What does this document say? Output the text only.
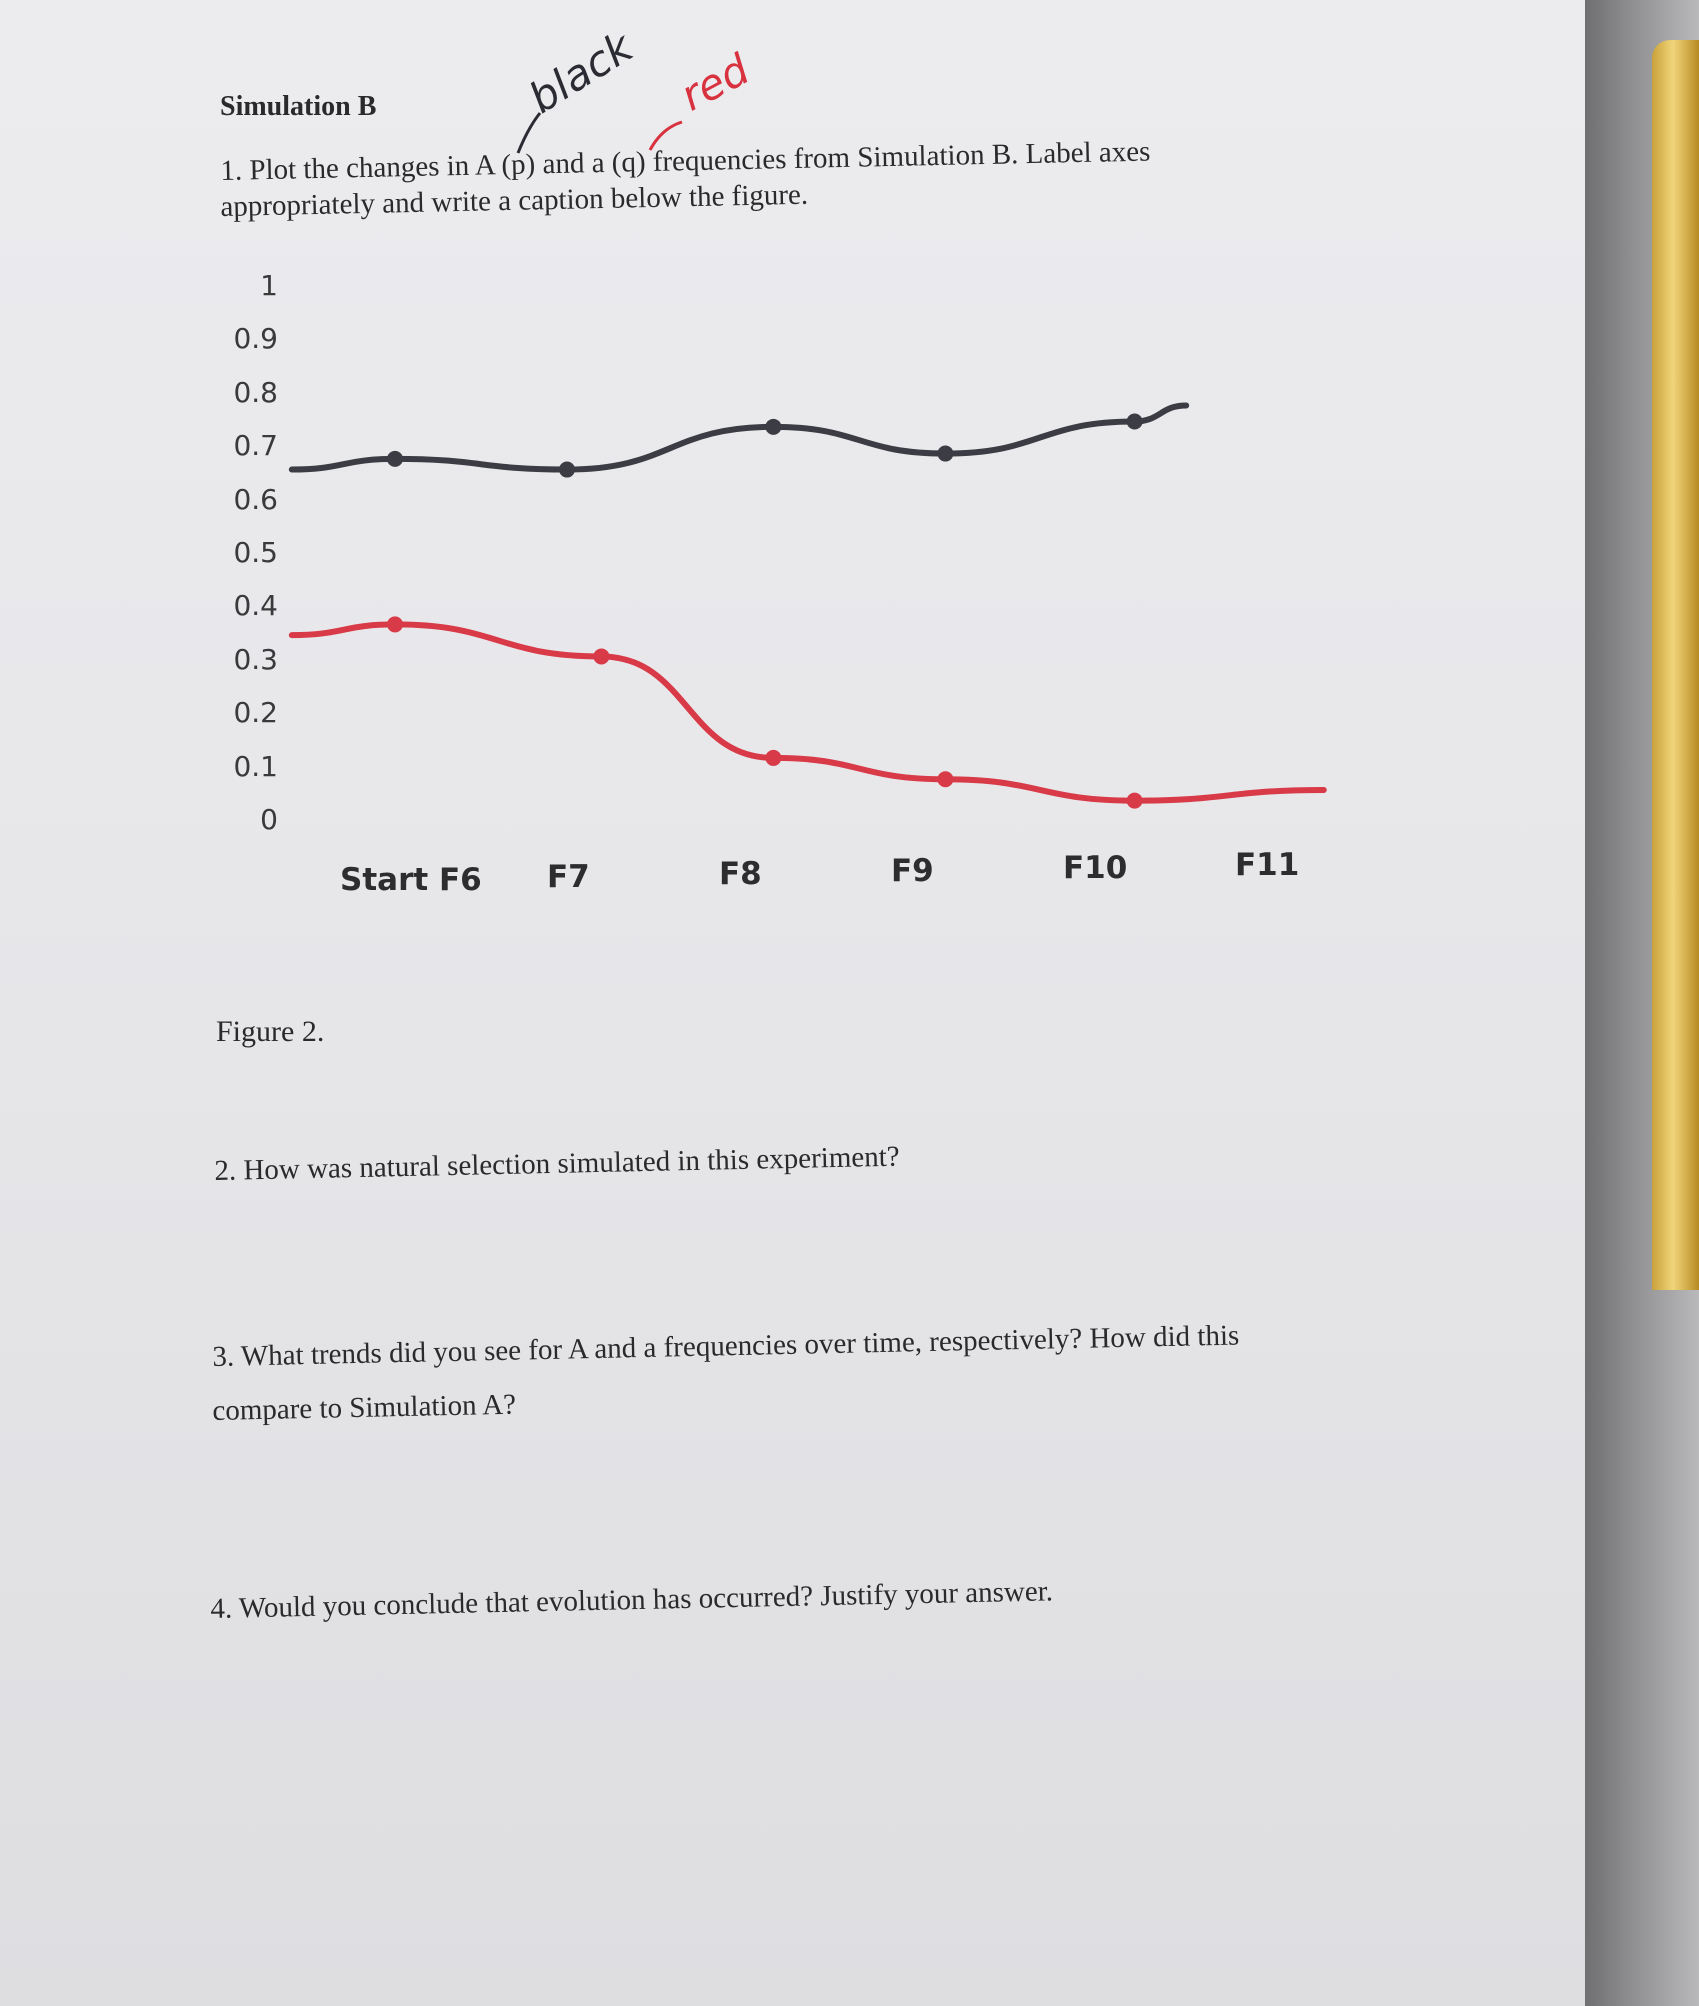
Simulation B
1. Plot the changes in A (p) and a (q) frequencies from Simulation B. Label axes
appropriately and write a caption below the figure.
black red
1
0.9
0.8
0.7
0.6
0.5
0.4
0.3
0.2
0.1
0
Start F6 F7	F8	F9	F10	F11
Figure 2.
2. How was natural selection simulated in this experiment?
3. What trends did you see for A and a frequencies over time, respectively? How did this
compare to Simulation A?
4. Would you conclude that evolution has occurred? Justify your answer.
